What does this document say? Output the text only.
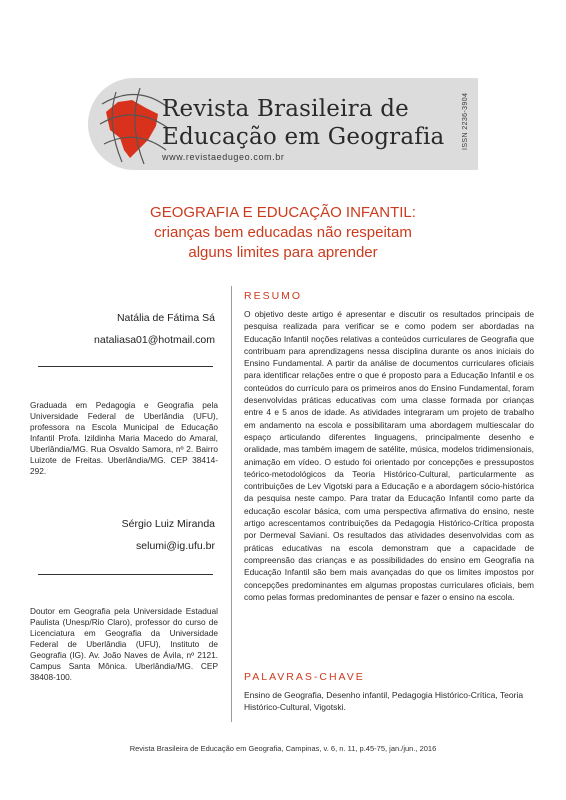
Revista Brasileira de
Educação em Geografia
www.revistaedugeo.com.br
ISSN 2236-3904
GEOGRAFIA E EDUCAÇÃO INFANTIL:
crianças bem educadas não respeitam
alguns limites para aprender
Natália de Fátima Sá
nataliasa01@hotmail.com
Graduada em Pedagogia e Geografia pela Universidade Federal de Uberlândia (UFU), professora na Escola Municipal de Educação Infantil Profa. Izildinha Maria Macedo do Amaral, Uberlândia/MG. Rua Osvaldo Samora, nº 2. Bairro Luizote de Freitas. Uberlândia/MG. CEP 38414-292.
Sérgio Luiz Miranda
selumi@ig.ufu.br
Doutor em Geografia pela Universidade Estadual Paulista (Unesp/Rio Claro), professor do curso de Licenciatura em Geografia da Universidade Federal de Uberlândia (UFU), Instituto de Geografia (IG). Av. João Naves de Ávila, nº 2121. Campus Santa Mônica. Uberlândia/MG. CEP 38408-100.
RESUMO
O objetivo deste artigo é apresentar e discutir os resultados principais de pesquisa realizada para verificar se e como podem ser abordadas na Educação Infantil noções relativas a conteúdos curriculares de Geografia que contribuam para aprendizagens nessa disciplina durante os anos iniciais do Ensino Fundamental. A partir da análise de documentos curriculares oficiais para identificar relações entre o que é proposto para a Educação Infantil e os conteúdos do currículo para os primeiros anos do Ensino Fundamental, foram desenvolvidas práticas educativas com uma classe formada por crianças entre 4 e 5 anos de idade. As atividades integraram um projeto de trabalho em andamento na escola e possibilitaram uma abordagem multiescalar do espaço articulando diferentes linguagens, principalmente desenho e oralidade, mas também imagem de satélite, música, modelos tridimensionais, animação em vídeo. O estudo foi orientado por concepções e pressupostos teórico-metodológicos da Teoria Histórico-Cultural, particularmente as contribuições de Lev Vigotski para a Educação e a abordagem sócio-histórica da pesquisa neste campo. Para tratar da Educação Infantil como parte da educação escolar básica, com uma perspectiva afirmativa do ensino, neste artigo acrescentamos contribuições da Pedagogia Histórico-Crítica proposta por Dermeval Saviani. Os resultados das atividades desenvolvidas com as práticas educativas na escola demonstram que a capacidade de compreensão das crianças e as possibilidades do ensino em Geografia na Educação Infantil são bem mais avançadas do que os limites impostos por concepções predominantes em algumas propostas curriculares oficiais, bem como pelas formas predominantes de pensar e fazer o ensino na escola.
PALAVRAS-CHAVE
Ensino de Geografia, Desenho infantil, Pedagogia Histórico-Crítica, Teoria Histórico-Cultural, Vigotski.
Revista Brasileira de Educação em Geografia, Campinas, v. 6, n. 11, p.45-75, jan./jun., 2016
